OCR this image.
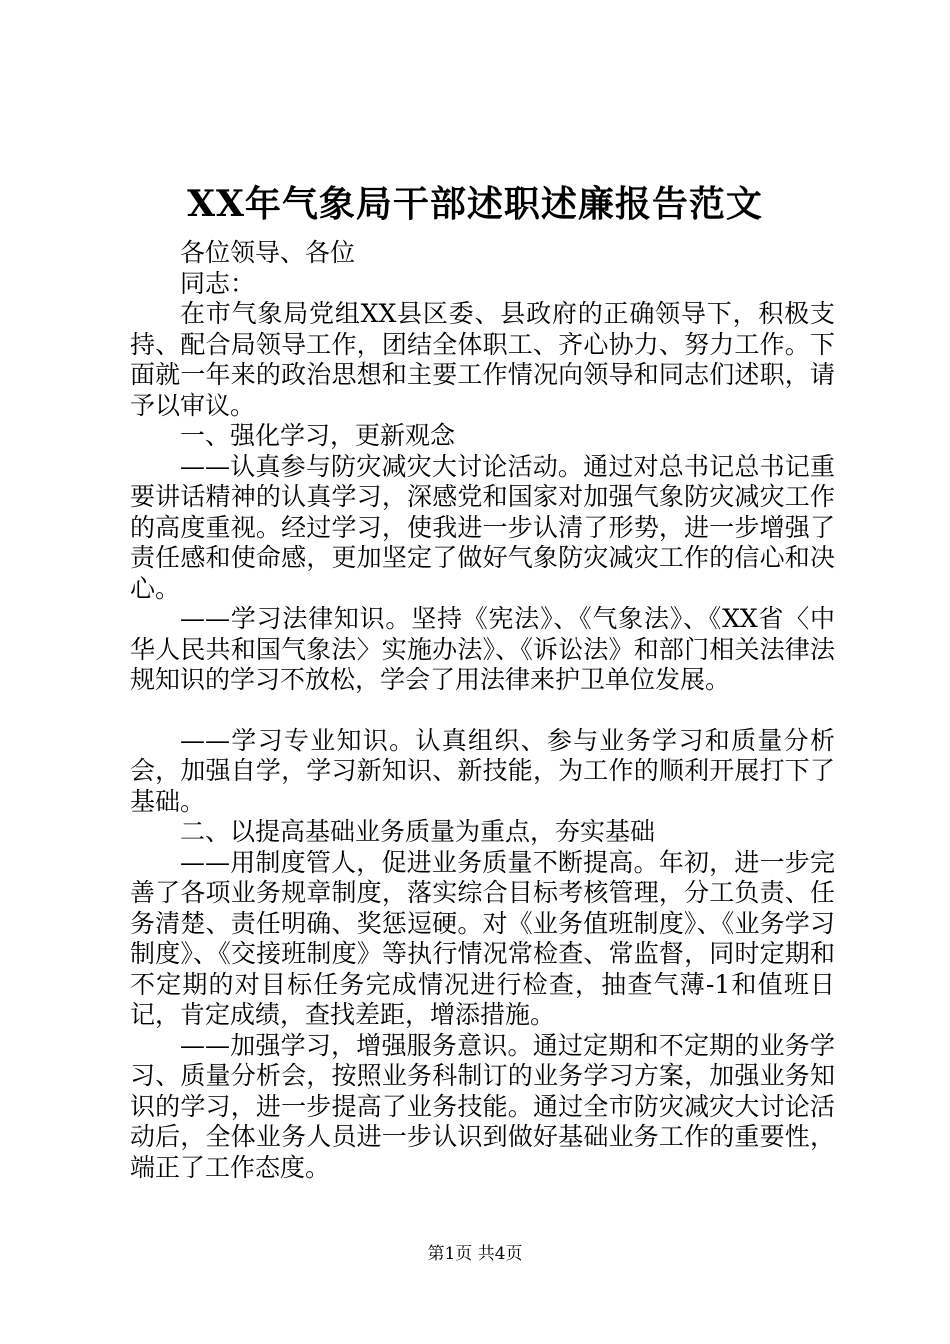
XX年气象局干部述职述廉报告范文

各位领导、各位

同志：

在市气象局党组XX县区委、县政府的正确领导下，积极支持、配合局领导工作，团结全体职工、齐心协力、努力工作。下面就一年来的政治思想和主要工作情况向领导和同志们述职，请予以审议。

一、强化学习，更新观念

——认真参与防灾减灾大讨论活动。通过对总书记总书记重要讲话精神的认真学习，深感党和国家对加强气象防灾减灾工作的高度重视。经过学习，使我进一步认清了形势，进一步增强了责任感和使命感，更加坚定了做好气象防灾减灾工作的信心和决心。

——学习法律知识。坚持《宪法》、《气象法》、《XX省〈中华人民共和国气象法〉实施办法》、《诉讼法》和部门相关法律法规知识的学习不放松，学会了用法律来护卫单位发展。

——学习专业知识。认真组织、参与业务学习和质量分析会，加强自学，学习新知识、新技能，为工作的顺利开展打下了基础。

二、以提高基础业务质量为重点，夯实基础

——用制度管人，促进业务质量不断提高。年初，进一步完善了各项业务规章制度，落实综合目标考核管理，分工负责、任务清楚、责任明确、奖惩逗硬。对《业务值班制度》、《业务学习制度》、《交接班制度》等执行情况常检查、常监督，同时定期和不定期的对目标任务完成情况进行检查，抽查气薄-1和值班日记，肯定成绩，查找差距，增添措施。

——加强学习，增强服务意识。通过定期和不定期的业务学习、质量分析会，按照业务科制订的业务学习方案，加强业务知识的学习，进一步提高了业务技能。通过全市防灾减灾大讨论活动后，全体业务人员进一步认识到做好基础业务工作的重要性，端正了工作态度。

第1页 共4页
